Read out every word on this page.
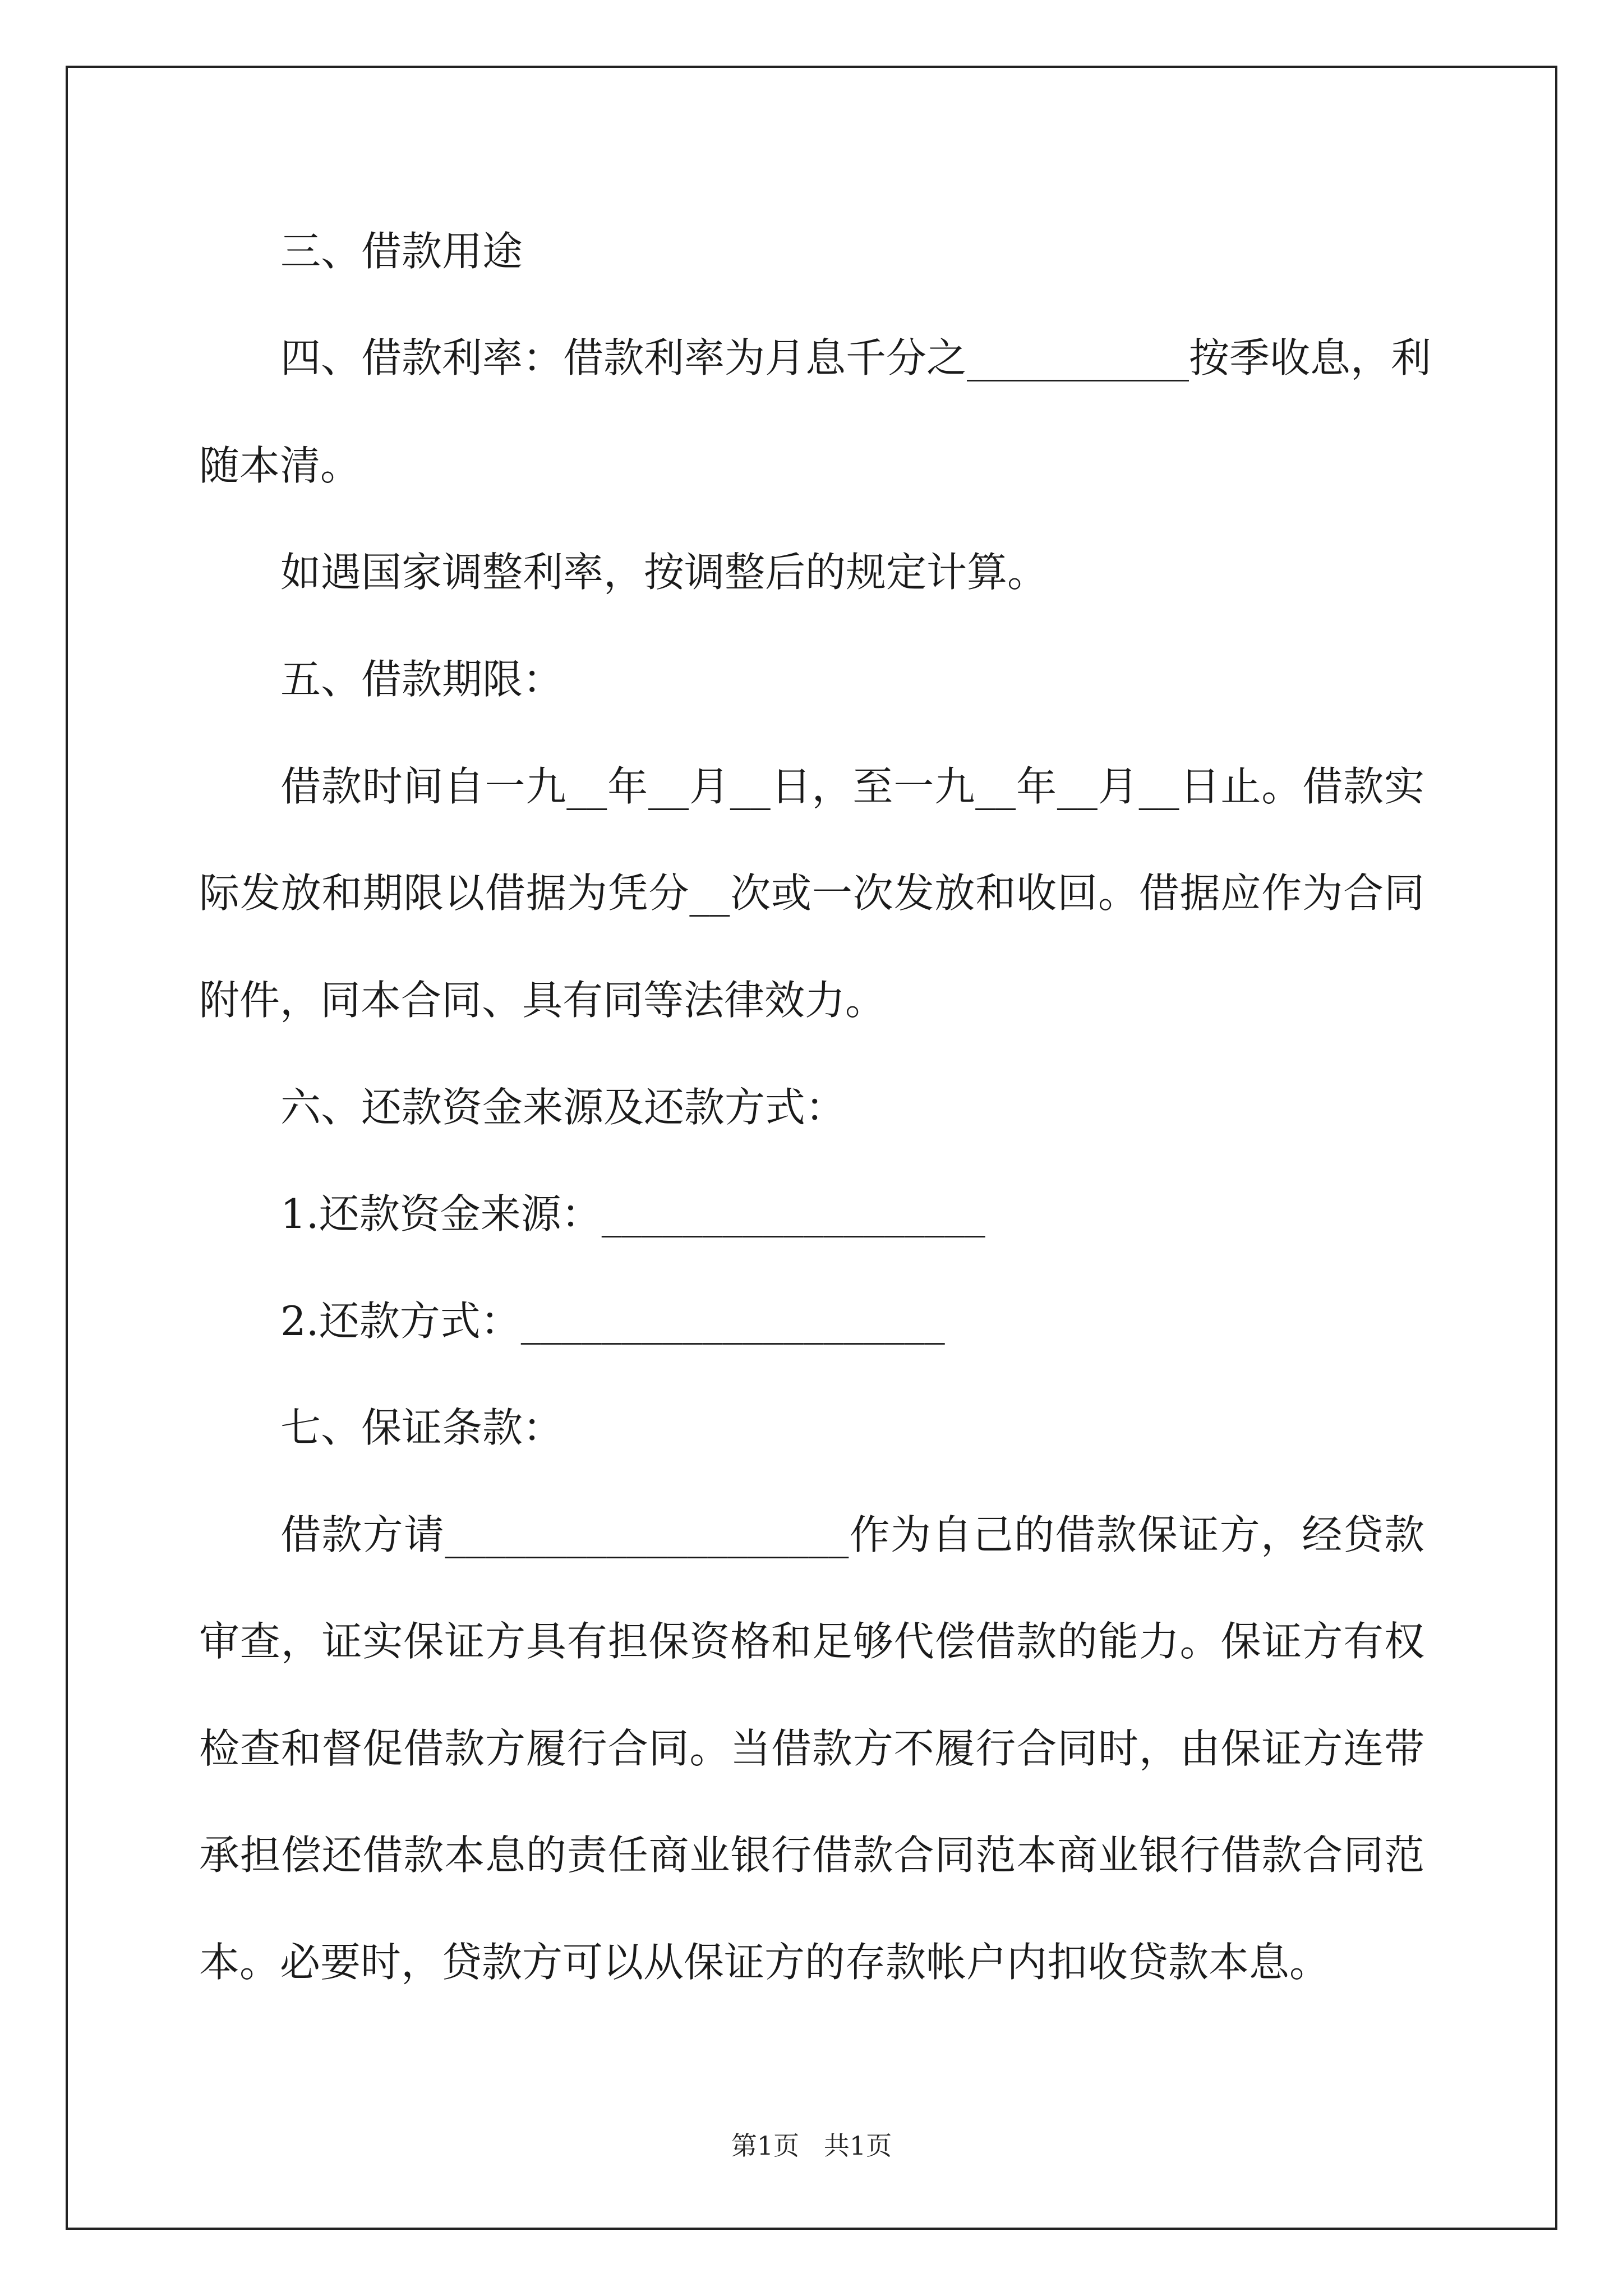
三、借款用途
四、借款利率：借款利率为月息千分之___________按季收息，利
随本清。
如遇国家调整利率，按调整后的规定计算。
五、借款期限：
借款时间自一九__年__月__日，至一九__年__月__日止。借款实
际发放和期限以借据为凭分__次或一次发放和收回。借据应作为合同
附件，同本合同、具有同等法律效力。
六、还款资金来源及还款方式：
1.还款资金来源：___________________
2.还款方式：_____________________
七、保证条款：
借款方请____________________作为自己的借款保证方，经贷款
审查，证实保证方具有担保资格和足够代偿借款的能力。保证方有权
检查和督促借款方履行合同。当借款方不履行合同时，由保证方连带
承担偿还借款本息的责任商业银行借款合同范本商业银行借款合同范
本。必要时，贷款方可以从保证方的存款帐户内扣收贷款本息。
第1页   共1页
